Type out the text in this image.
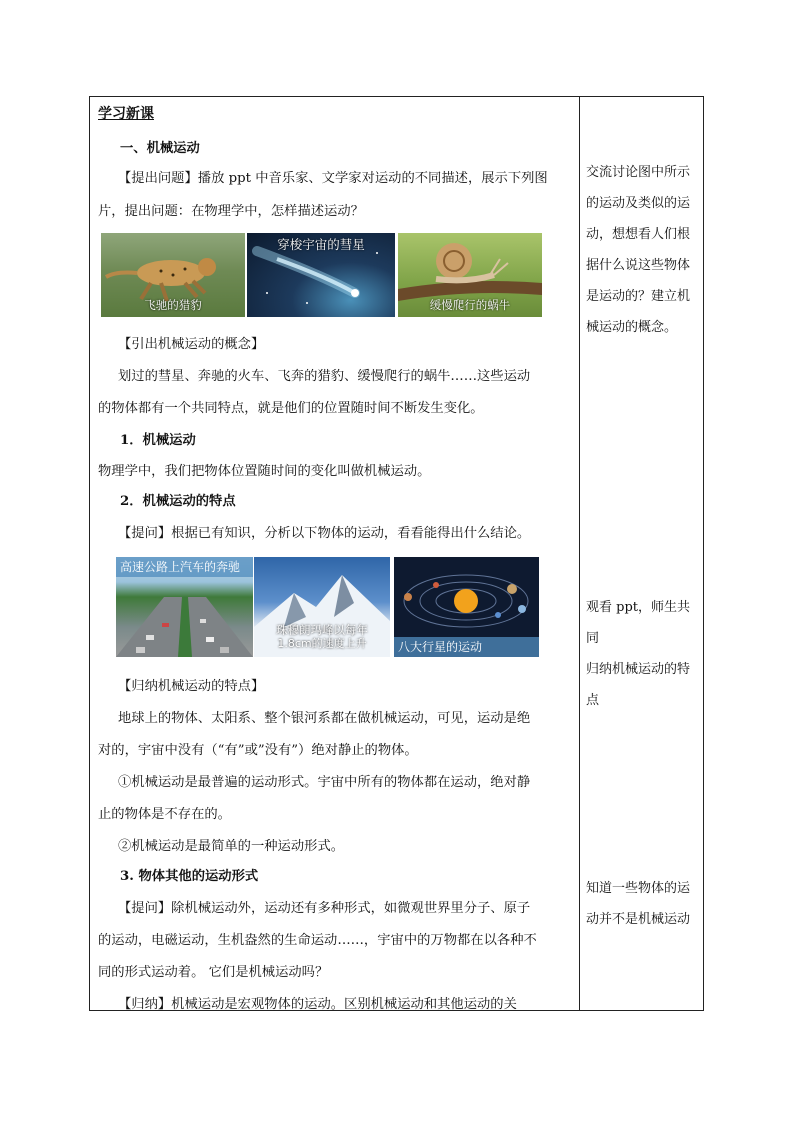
学习新课
一、机械运动
【提出问题】播放 ppt 中音乐家、文学家对运动的不同描述，展示下列图
片，提出问题：在物理学中，怎样描述运动？
飞驰的猎豹
穿梭宇宙的彗星
缓慢爬行的蜗牛
【引出机械运动的概念】
划过的彗星、奔驰的火车、飞奔的猎豹、缓慢爬行的蜗牛……这些运动
的物体都有一个共同特点，就是他们的位置随时间不断发生变化。
1．机械运动
物理学中，我们把物体位置随时间的变化叫做机械运动。
2．机械运动的特点
【提问】根据已有知识，分析以下物体的运动，看看能得出什么结论。
高速公路上汽车的奔驰
珠穆朗玛峰以每年
1.8cm的速度上升	八大行星的运动
【归纳机械运动的特点】
地球上的物体、太阳系、整个银河系都在做机械运动，可见，运动是绝
对的，宇宙中没有（“有”或”没有”）绝对静止的物体。
①机械运动是最普遍的运动形式。宇宙中所有的物体都在运动，绝对静
止的物体是不存在的。
②机械运动是最简单的一种运动形式。
3. 物体其他的运动形式
【提问】除机械运动外，运动还有多种形式，如微观世界里分子、原子
的运动，电磁运动，生机盎然的生命运动……，宇宙中的万物都在以各种不
同的形式运动着。 它们是机械运动吗？
【归纳】机械运动是宏观物体的运动。区别机械运动和其他运动的关
交流讨论图中所示
的运动及类似的运
动，想想看人们根
据什么说这些物体
是运动的？建立机
械运动的概念。
观看 ppt，师生共同
归纳机械运动的特
点
知道一些物体的运
动并不是机械运动
